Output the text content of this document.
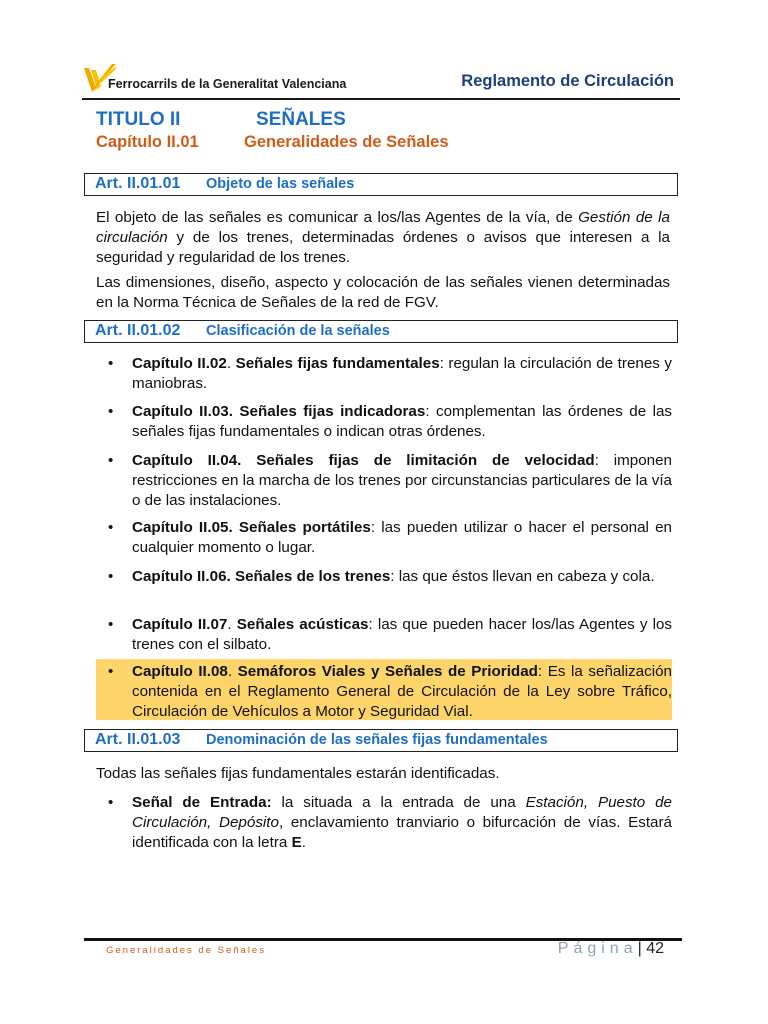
Ferrocarrils de la Generalitat Valenciana	Reglamento de Circulación
TITULO II	SEÑALES
Capítulo II.01	Generalidades de Señales
Art. II.01.01 Objeto de las señales

El objeto de las señales es comunicar a los/las Agentes de la vía, de Gestión de la circulación y de los trenes, determinadas órdenes o avisos que interesen a la seguridad y regularidad de los trenes.

Las dimensiones, diseño, aspecto y colocación de las señales vienen determinadas en la Norma Técnica de Señales de la red de FGV.

Art. II.01.02 Clasificación de la señales
• Capítulo II.02. Señales fijas fundamentales: regulan la circulación de trenes y maniobras.
• Capítulo II.03. Señales fijas indicadoras: complementan las órdenes de las señales fijas fundamentales o indican otras órdenes.
• Capítulo II.04. Señales fijas de limitación de velocidad: imponen restricciones en la marcha de los trenes por circunstancias particulares de la vía o de las instalaciones.
• Capítulo II.05. Señales portátiles: las pueden utilizar o hacer el personal en cualquier momento o lugar.
• Capítulo II.06. Señales de los trenes: las que éstos llevan en cabeza y cola.
• Capítulo II.07. Señales acústicas: las que pueden hacer los/las Agentes y los trenes con el silbato.
• Capítulo II.08. Semáforos Viales y Señales de Prioridad: Es la señalización contenida en el Reglamento General de Circulación de la Ley sobre Tráfico, Circulación de Vehículos a Motor y Seguridad Vial.
Art. II.01.03 Denominación de las señales fijas fundamentales

Todas las señales fijas fundamentales estarán identificadas.

• Señal de Entrada: la situada a la entrada de una Estación, Puesto de Circulación, Depósito, enclavamiento tranviario o bifurcación de vías. Estará identificada con la letra E.
Generalidades de Señales	Página| 42
